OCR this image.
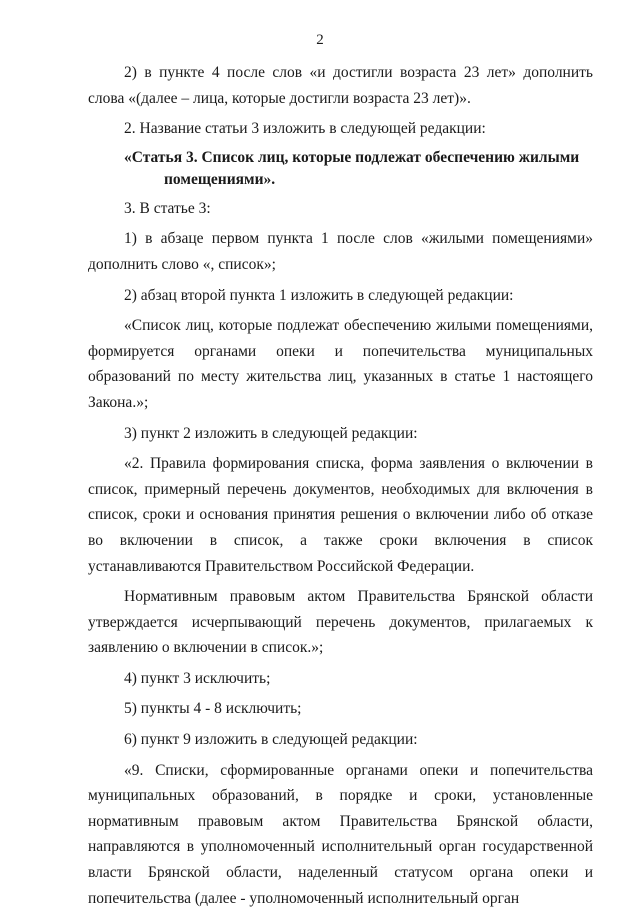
2

2) в пункте 4 после слов «и достигли возраста 23 лет» дополнить слова «(далее – лица, которые достигли возраста 23 лет)».

2. Название статьи 3 изложить в следующей редакции:

«Статья 3. Список лиц, которые подлежат обеспечению жилыми помещениями».

3. В статье 3:

1) в абзаце первом пункта 1 после слов «жилыми помещениями» дополнить слово «, список»;

2) абзац второй пункта 1 изложить в следующей редакции:

«Список лиц, которые подлежат обеспечению жилыми помещениями, формируется органами опеки и попечительства муниципальных образований по месту жительства лиц, указанных в статье 1 настоящего Закона.»;

3) пункт 2 изложить в следующей редакции:

«2. Правила формирования списка, форма заявления о включении в список, примерный перечень документов, необходимых для включения в список, сроки и основания принятия решения о включении либо об отказе во включении в список, а также сроки включения в список устанавливаются Правительством Российской Федерации.

Нормативным правовым актом Правительства Брянской области утверждается исчерпывающий перечень документов, прилагаемых к заявлению о включении в список.»;

4) пункт 3 исключить;

5) пункты 4 - 8 исключить;

6) пункт 9 изложить в следующей редакции:

«9. Списки, сформированные органами опеки и попечительства муниципальных образований, в порядке и сроки, установленные нормативным правовым актом Правительства Брянской области, направляются в уполномоченный исполнительный орган государственной власти Брянской области, наделенный статусом органа опеки и попечительства (далее - уполномоченный исполнительный орган
